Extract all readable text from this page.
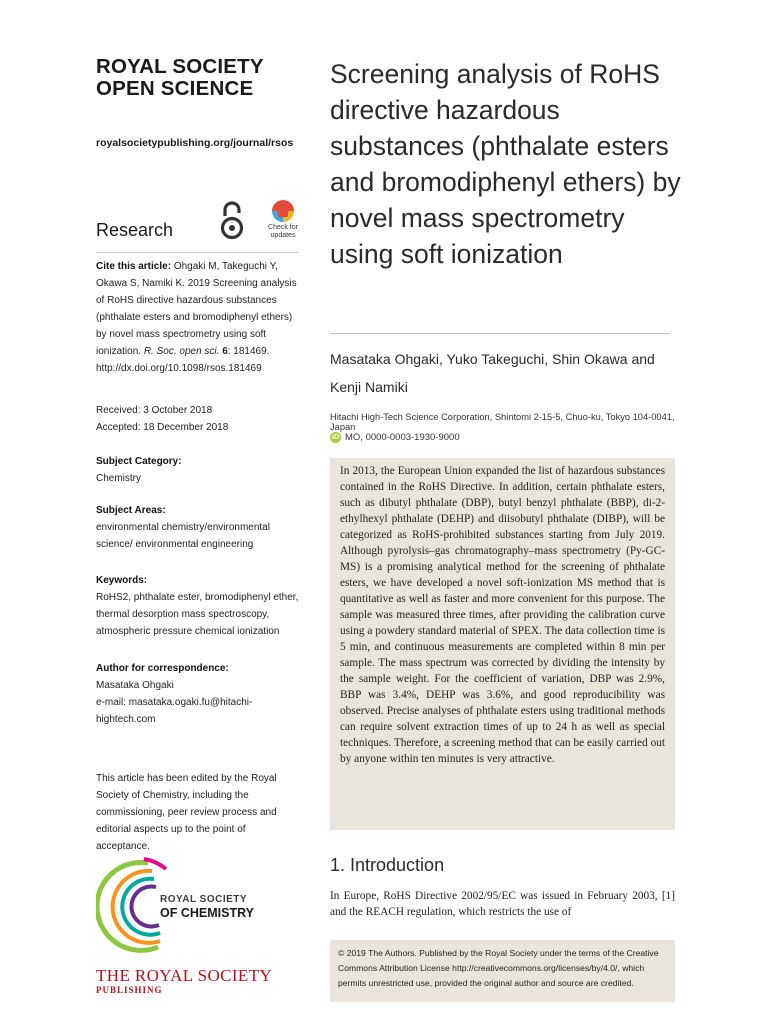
ROYAL SOCIETY OPEN SCIENCE
royalsocietypublishing.org/journal/rsos
Research	Check for updates
Cite this article: Ohgaki M, Takeguchi Y, Okawa S, Namiki K. 2019 Screening analysis of RoHS directive hazardous substances (phthalate esters and bromodiphenyl ethers) by novel mass spectrometry using soft ionization. R. Soc. open sci. 6: 181469.
http://dx.doi.org/10.1098/rsos.181469
Received: 3 October 2018
Accepted: 18 December 2018
Subject Category:
Chemistry
Subject Areas:
environmental chemistry/environmental science/ environmental engineering
Keywords:
RoHS2, phthalate ester, bromodiphenyl ether, thermal desorption mass spectroscopy, atmospheric pressure chemical ionization
Author for correspondence:
Masataka Ohgaki
e-mail: masataka.ogaki.fu@hitachi-hightech.com
This article has been edited by the Royal Society of Chemistry, including the commissioning, peer review process and editorial aspects up to the point of acceptance.
ROYAL SOCIETY
OF CHEMISTRY
THE ROYAL SOCIETY
PUBLISHING
Screening analysis of RoHS directive hazardous substances (phthalate esters and bromodiphenyl ethers) by novel mass spectrometry using soft ionization
Masataka Ohgaki, Yuko Takeguchi, Shin Okawa and Kenji Namiki
Hitachi High-Tech Science Corporation, Shintomi 2-15-5, Chuo-ku, Tokyo 104-0041, Japan
iD MO, 0000-0003-1930-9000
In 2013, the European Union expanded the list of hazardous substances contained in the RoHS Directive. In addition, certain phthalate esters, such as dibutyl phthalate (DBP), butyl benzyl phthalate (BBP), di-2-ethylhexyl phthalate (DEHP) and diisobutyl phthalate (DIBP), will be categorized as RoHS-prohibited substances starting from July 2019. Although pyrolysis–gas chromatography–mass spectrometry (Py-GC-MS) is a promising analytical method for the screening of phthalate esters, we have developed a novel soft-ionization MS method that is quantitative as well as faster and more convenient for this purpose. The sample was measured three times, after providing the calibration curve using a powdery standard material of SPEX. The data collection time is 5 min, and continuous measurements are completed within 8 min per sample. The mass spectrum was corrected by dividing the intensity by the sample weight. For the coefficient of variation, DBP was 2.9%, BBP was 3.4%, DEHP was 3.6%, and good reproducibility was observed. Precise analyses of phthalate esters using traditional methods can require solvent extraction times of up to 24 h as well as special techniques. Therefore, a screening method that can be easily carried out by anyone within ten minutes is very attractive.
1. Introduction
In Europe, RoHS Directive 2002/95/EC was issued in February 2003, [1] and the REACH regulation, which restricts the use of
© 2019 The Authors. Published by the Royal Society under the terms of the Creative Commons Attribution License http://creativecommons.org/licenses/by/4.0/, which permits unrestricted use, provided the original author and source are credited.
